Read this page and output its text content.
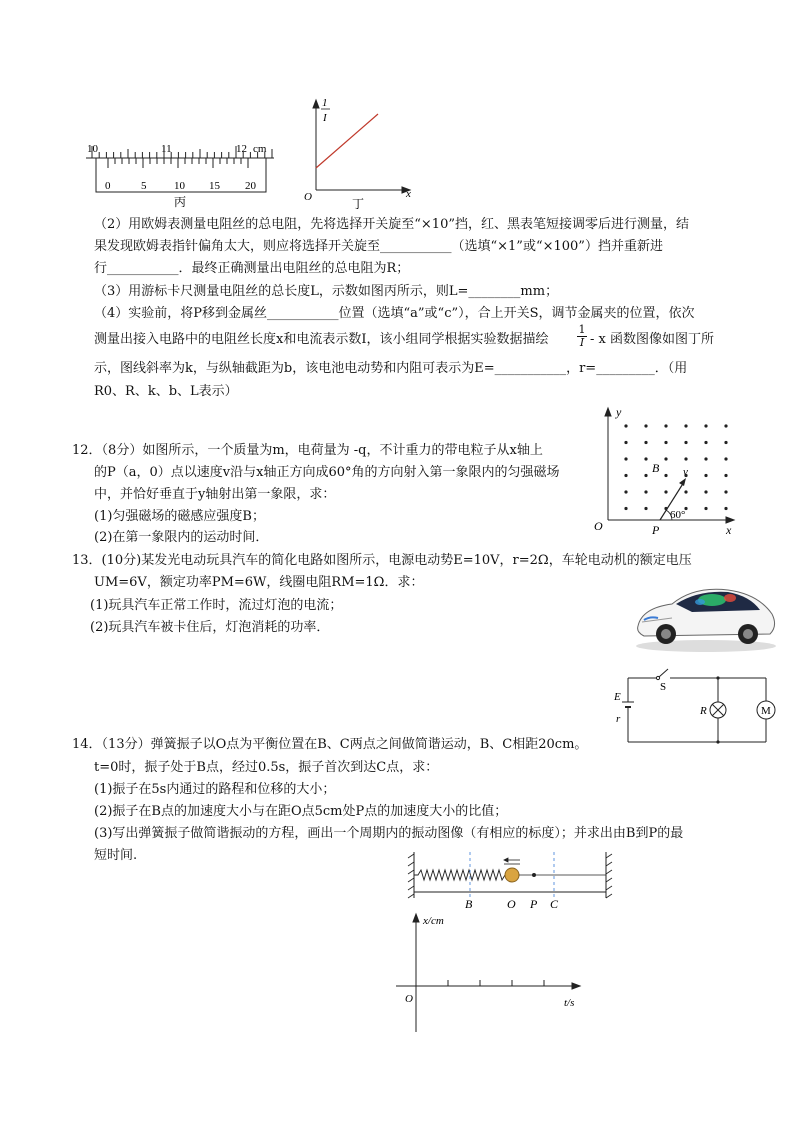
10	11	12 cm
0	5	10 15 20
丙
1
I
x
O	丁
（2）用欧姆表测量电阻丝的总电阻，先将选择开关旋至“×10”挡，红、黑表笔短接调零后进行测量，结
果发现欧姆表指针偏角太大，则应将选择开关旋至___________（选填“×1”或“×100”）挡并重新进
行___________．最终正确测量出电阻丝的总电阻为R；
（3）用游标卡尺测量电阻丝的总长度L，示数如图丙所示，则L=________mm；
（4）实验前，将P移到金属丝___________位置（选填“a”或“c”），合上开关S，调节金属夹的位置，依次
测量出接入电路中的电阻丝长度x和电流表示数I，该小组同学根据实验数据描绘	$\frac{1}{I}$ - x 函数图像如图丁所
示，图线斜率为k，与纵轴截距为b，该电池电动势和内阻可表示为E=___________，r=_________．（用
R0、R、k、b、L表示）
y
x
O	P
B v
60°
12．（8分）如图所示，一个质量为m，电荷量为 -q，不计重力的带电粒子从x轴上
的P（a，0）点以速度v沿与x轴正方向成60°角的方向射入第一象限内的匀强磁场
中，并恰好垂直于y轴射出第一象限，求：
(1)匀强磁场的磁感应强度B；
(2)在第一象限内的运动时间．
13．(10分)某发光电动玩具汽车的简化电路如图所示，电源电动势E=10V，r=2Ω，车轮电动机的额定电压
UM=6V，额定功率PM=6W，线圈电阻RM=1Ω．求：
(1)玩具汽车正常工作时，流过灯泡的电流；
(2)玩具汽车被卡住后，灯泡消耗的功率．
E
r
S
R	M
14．（13分）弹簧振子以O点为平衡位置在B、C两点之间做简谐运动，B、C相距20cm。
t=0时，振子处于B点，经过0.5s，振子首次到达C点，求：
(1)振子在5s内通过的路程和位移的大小；
(2)振子在B点的加速度大小与在距O点5cm处P点的加速度大小的比值；
(3)写出弹簧振子做简谐振动的方程，画出一个周期内的振动图像（有相应的标度）；并求出由B到P的最
短时间.
B	O P C
x/cm
t/s
O
